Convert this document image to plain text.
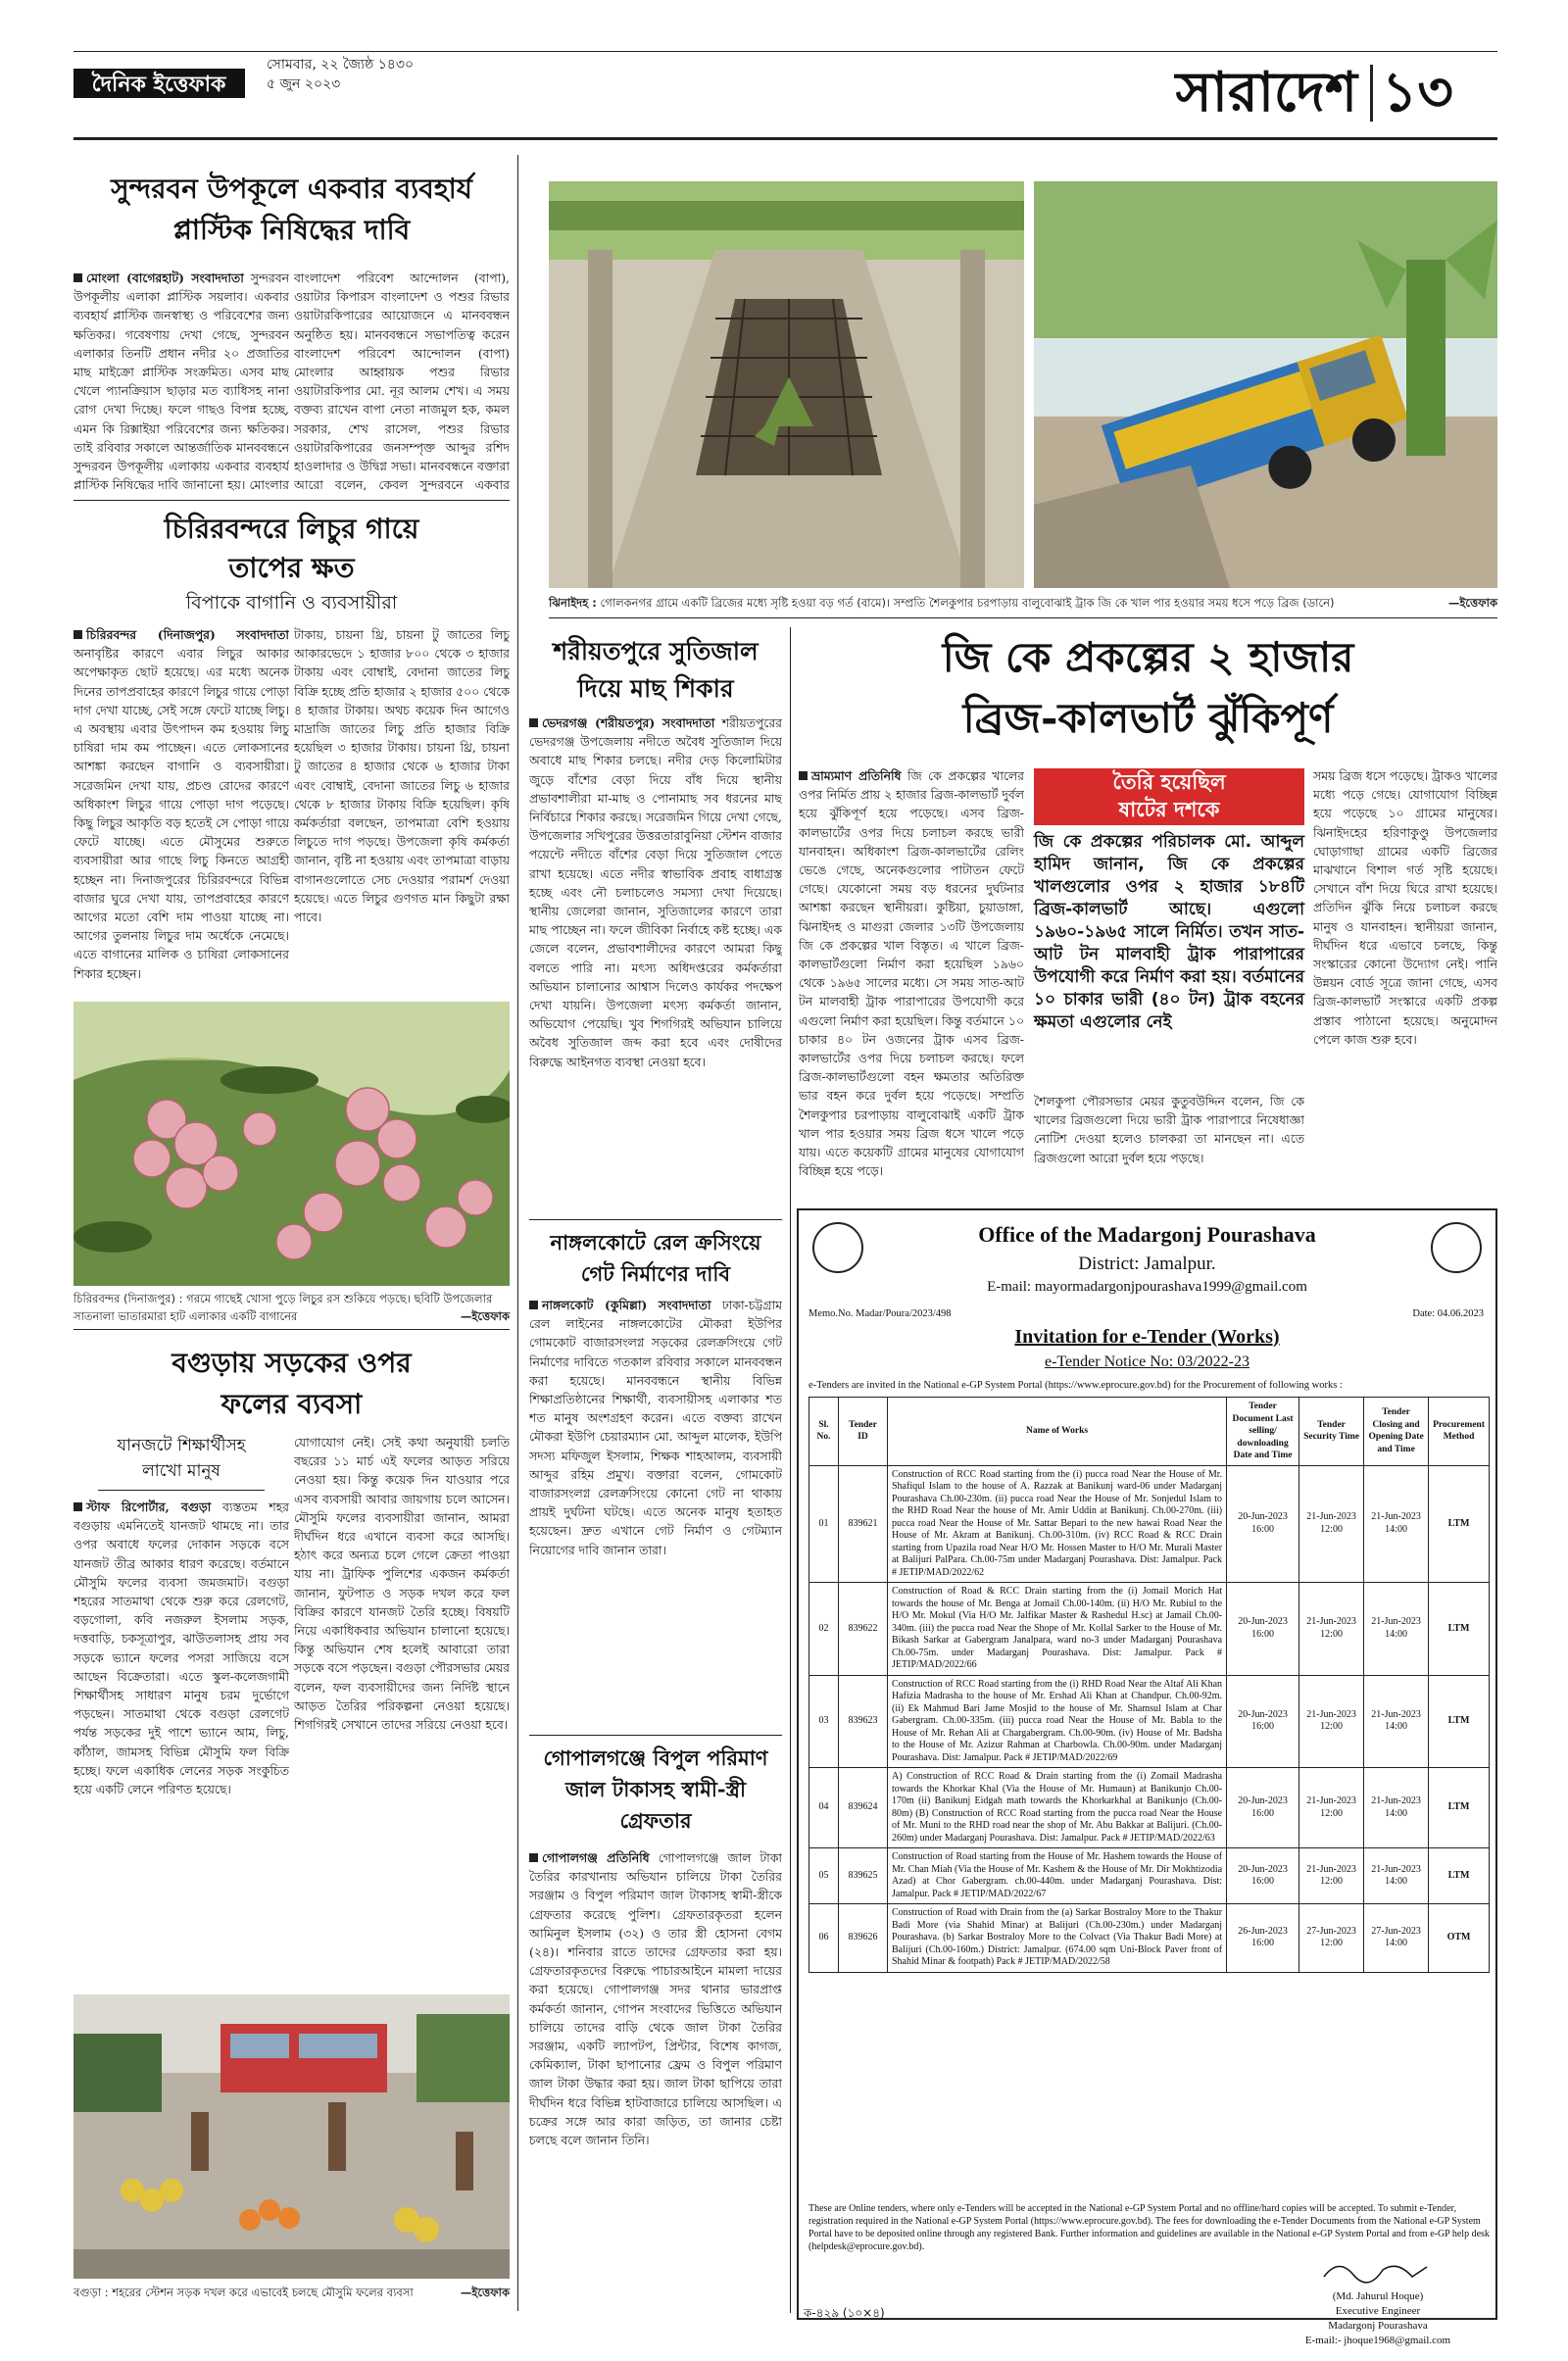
দৈনিক ইত্তেফাক
সোমবার, ২২ জ্যৈষ্ঠ ১৪৩০
৫ জুন ২০২৩	সারাদেশ ১৩
সুন্দরবন উপকূলে একবার ব্যবহার্য
প্লাস্টিক নিষিদ্ধের দাবি
মোংলা (বাগেরহাট) সংবাদদাতা সুন্দরবন উপকূলীয় এলাকা প্লাস্টিক সয়লাব। একবার ব্যবহার্য প্লাস্টিক জনস্বাস্থ্য ও পরিবেশের জন্য ক্ষতিকর। গবেষণায় দেখা গেছে, সুন্দরবন এলাকার তিনটি প্রধান নদীর ২০ প্রজাতির মাছ মাইক্রো প্লাস্টিক সংক্রমিত। এসব মাছ খেলে প্যানক্রিয়াস ছাড়ার মত ব্যাধিসহ নানা রোগ দেখা দিচ্ছে। ফলে গাছও বিপন্ন হচ্ছে, এমন কি রিক্সাইয়া পরিবেশের জন্য ক্ষতিকর। তাই রবিবার সকালে আন্তর্জাতিক মানববন্ধনে সুন্দরবন উপকূলীয় এলাকায় একবার ব্যবহার্য প্লাস্টিক নিষিদ্ধের দাবি জানানো হয়। মোংলার
বাংলাদেশ পরিবেশ আন্দোলন (বাপা), ওয়াটার কিপারস বাংলাদেশ ও পশুর রিভার ওয়াটারকিপারের আয়োজনে এ মানববন্ধন অনুষ্ঠিত হয়। মানববন্ধনে সভাপতিত্ব করেন বাংলাদেশ পরিবেশ আন্দোলন (বাপা) মোংলার আহ্বায়ক পশুর রিভার ওয়াটারকিপার মো. নূর আলম শেখ। এ সময় বক্তব্য রাখেন বাপা নেতা নাজমুল হক, কমল সরকার, শেখ রাসেল, পশুর রিভার ওয়াটারকিপারের জনসম্পৃক্ত আব্দুর রশিদ হাওলাদার ও উদ্বিগ্ন সভা। মানববন্ধনে বক্তারা আরো বলেন, কেবল সুন্দরবনে একবার
চিরিরবন্দরে লিচুর গায়ে
তাপের ক্ষত
বিপাকে বাগানি ও ব্যবসায়ীরা
চিরিরবন্দর (দিনাজপুর) সংবাদদাতা অনাবৃষ্টির কারণে এবার লিচুর আকার অপেক্ষাকৃত ছোট হয়েছে। এর মধ্যে অনেক দিনের তাপপ্রবাহের কারণে লিচুর গায়ে পোড়া দাগ দেখা যাচ্ছে, সেই সঙ্গে ফেটে যাচ্ছে লিচু। এ অবস্থায় এবার উৎপাদন কম হওয়ায় লিচু চাষিরা দাম কম পাচ্ছেন। এতে লোকসানের আশঙ্কা করছেন বাগানি ও ব্যবসায়ীরা। সরেজমিন দেখা যায়, প্রচণ্ড রোদের কারণে অধিকাংশ লিচুর গায়ে পোড়া দাগ পড়েছে। কিছু লিচুর আকৃতি বড় হতেই সে পোড়া গায়ে ফেটে যাচ্ছে। এতে মৌসুমের শুরুতে ব্যবসায়ীরা আর গাছে লিচু কিনতে আগ্রহী হচ্ছেন না। দিনাজপুরের চিরিরবন্দরে বিভিন্ন বাজার ঘুরে দেখা যায়, তাপপ্রবাহের কারণে আগের মতো বেশি দাম পাওয়া যাচ্ছে না। আগের তুলনায় লিচুর দাম অর্ধেকে নেমেছে। এতে বাগানের মালিক ও চাষিরা লোকসানের শিকার হচ্ছেন।
টাকায়, চায়না থ্রি, চায়না টু জাতের লিচু আকারভেদে ১ হাজার ৮০০ থেকে ৩ হাজার টাকায় এবং বোম্বাই, বেদানা জাতের লিচু বিক্রি হচ্ছে প্রতি হাজার ২ হাজার ৫০০ থেকে ৪ হাজার টাকায়। অথচ কয়েক দিন আগেও মাদ্রাজি জাতের লিচু প্রতি হাজার বিক্রি হয়েছিল ৩ হাজার টাকায়। চায়না থ্রি, চায়না টু জাতের ৪ হাজার থেকে ৬ হাজার টাকা এবং বোম্বাই, বেদানা জাতের লিচু ৬ হাজার থেকে ৮ হাজার টাকায় বিক্রি হয়েছিল। কৃষি কর্মকর্তারা বলছেন, তাপমাত্রা বেশি হওয়ায় লিচুতে দাগ পড়ছে। উপজেলা কৃষি কর্মকর্তা জানান, বৃষ্টি না হওয়ায় এবং তাপমাত্রা বাড়ায় বাগানগুলোতে সেচ দেওয়ার পরামর্শ দেওয়া হয়েছে। এতে লিচুর গুণগত মান কিছুটা রক্ষা পাবে।
চিরিরবন্দর (দিনাজপুর) : গরমে গাছেই খোসা পুড়ে লিচুর রস শুকিয়ে পড়ছে। ছবিটি উপজেলার সাতনালা ভাতারমারা হাট এলাকার একটি বাগানের	—ইত্তেফাক
বগুড়ায় সড়কের ওপর
ফলের ব্যবসা
যানজটে শিক্ষার্থীসহ
লাখো মানুষ
স্টাফ রিপোর্টার, বগুড়া ব্যস্ততম শহর বগুড়ায় এমনিতেই যানজট থামছে না। তার ওপর অবাধে ফলের দোকান সড়কে বসে যানজট তীব্র আকার ধারণ করেছে। বর্তমানে মৌসুমি ফলের ব্যবসা জমজমাট। বগুড়া শহরের সাতমাথা থেকে শুরু করে রেলগেট, বড়গোলা, কবি নজরুল ইসলাম সড়ক, দত্তবাড়ি, চকসূত্রাপুর, ঝাউতলাসহ প্রায় সব সড়কে ভ্যানে ফলের পসরা সাজিয়ে বসে আছেন বিক্রেতারা। এতে স্কুল-কলেজগামী শিক্ষার্থীসহ সাধারণ মানুষ চরম দুর্ভোগে পড়ছেন। সাতমাথা থেকে বগুড়া রেলগেট পর্যন্ত সড়কের দুই পাশে ভ্যানে আম, লিচু, কাঁঠাল, জামসহ বিভিন্ন মৌসুমি ফল বিক্রি হচ্ছে। ফলে একাধিক লেনের সড়ক সংকুচিত হয়ে একটি লেনে পরিণত হয়েছে।
যোগাযোগ নেই। সেই কথা অনুযায়ী চলতি বছরের ১১ মার্চ এই ফলের আড়ত সরিয়ে নেওয়া হয়। কিন্তু কয়েক দিন যাওয়ার পরে এসব ব্যবসায়ী আবার জায়গায় চলে আসেন। মৌসুমি ফলের ব্যবসায়ীরা জানান, আমরা দীর্ঘদিন ধরে এখানে ব্যবসা করে আসছি। হঠাৎ করে অন্যত্র চলে গেলে ক্রেতা পাওয়া যায় না। ট্রাফিক পুলিশের একজন কর্মকর্তা জানান, ফুটপাত ও সড়ক দখল করে ফল বিক্রির কারণে যানজট তৈরি হচ্ছে। বিষয়টি নিয়ে একাধিকবার অভিযান চালানো হয়েছে। কিন্তু অভিযান শেষ হলেই আবারো তারা সড়কে বসে পড়ছেন। বগুড়া পৌরসভার মেয়র বলেন, ফল ব্যবসায়ীদের জন্য নির্দিষ্ট স্থানে আড়ত তৈরির পরিকল্পনা নেওয়া হয়েছে। শিগগিরই সেখানে তাদের সরিয়ে নেওয়া হবে।
বগুড়া : শহরের স্টেশন সড়ক দখল করে এভাবেই চলছে মৌসুমি ফলের ব্যবসা	—ইত্তেফাক
ঝিনাইদহ : গোলকনগর গ্রামে একটি ব্রিজের মধ্যে সৃষ্টি হওয়া বড় গর্ত (বামে)। সম্প্রতি শৈলকুপার চরপাড়ায় বালুবোঝাই ট্রাক জি কে খাল পার হওয়ার সময় ধসে পড়ে ব্রিজ (ডানে)	—ইত্তেফাক
শরীয়তপুরে সুতিজাল
দিয়ে মাছ শিকার
ভেদরগঞ্জ (শরীয়তপুর) সংবাদদাতা শরীয়তপুরের ভেদরগঞ্জ উপজেলায় নদীতে অবৈধ সুতিজাল দিয়ে অবাধে মাছ শিকার চলছে। নদীর দেড় কিলোমিটার জুড়ে বাঁশের বেড়া দিয়ে বাঁধ দিয়ে স্থানীয় প্রভাবশালীরা মা-মাছ ও পোনামাছ সব ধরনের মাছ নির্বিচারে শিকার করছে। সরেজমিন গিয়ে দেখা গেছে, উপজেলার সখিপুরের উত্তরতারাবুনিয়া স্টেশন বাজার পয়েন্টে নদীতে বাঁশের বেড়া দিয়ে সুতিজাল পেতে রাখা হয়েছে। এতে নদীর স্বাভাবিক প্রবাহ বাধাগ্রস্ত হচ্ছে এবং নৌ চলাচলেও সমস্যা দেখা দিয়েছে। স্থানীয় জেলেরা জানান, সুতিজালের কারণে তারা মাছ পাচ্ছেন না। ফলে জীবিকা নির্বাহে কষ্ট হচ্ছে। এক জেলে বলেন, প্রভাবশালীদের কারণে আমরা কিছু বলতে পারি না। মৎস্য অধিদপ্তরের কর্মকর্তারা অভিযান চালানোর আশ্বাস দিলেও কার্যকর পদক্ষেপ দেখা যায়নি। উপজেলা মৎস্য কর্মকর্তা জানান, অভিযোগ পেয়েছি। খুব শিগগিরই অভিযান চালিয়ে অবৈধ সুতিজাল জব্দ করা হবে এবং দোষীদের বিরুদ্ধে আইনগত ব্যবস্থা নেওয়া হবে।
নাঙ্গলকোটে রেল ক্রসিংয়ে
গেট নির্মাণের দাবি
নাঙ্গলকোট (কুমিল্লা) সংবাদদাতা ঢাকা-চট্টগ্রাম রেল লাইনের নাঙ্গলকোটের মৌকরা ইউপির গোমকোট বাজারসংলগ্ন সড়কের রেলক্রসিংয়ে গেট নির্মাণের দাবিতে গতকাল রবিবার সকালে মানববন্ধন করা হয়েছে। মানববন্ধনে স্থানীয় বিভিন্ন শিক্ষাপ্রতিষ্ঠানের শিক্ষার্থী, ব্যবসায়ীসহ এলাকার শত শত মানুষ অংশগ্রহণ করেন। এতে বক্তব্য রাখেন মৌকরা ইউপি চেয়ারম্যান মো. আব্দুল মালেক, ইউপি সদস্য মফিজুল ইসলাম, শিক্ষক শাহআলম, ব্যবসায়ী আব্দুর রহিম প্রমুখ। বক্তারা বলেন, গোমকোট বাজারসংলগ্ন রেলক্রসিংয়ে কোনো গেট না থাকায় প্রায়ই দুর্ঘটনা ঘটছে। এতে অনেক মানুষ হতাহত হয়েছেন। দ্রুত এখানে গেট নির্মাণ ও গেটম্যান নিয়োগের দাবি জানান তারা।
গোপালগঞ্জে বিপুল পরিমাণ
জাল টাকাসহ স্বামী-স্ত্রী
গ্রেফতার
গোপালগঞ্জ প্রতিনিধি গোপালগঞ্জে জাল টাকা তৈরির কারখানায় অভিযান চালিয়ে টাকা তৈরির সরঞ্জাম ও বিপুল পরিমাণ জাল টাকাসহ স্বামী-স্ত্রীকে গ্রেফতার করেছে পুলিশ। গ্রেফতারকৃতরা হলেন আমিনুল ইসলাম (৩২) ও তার স্ত্রী হোসনা বেগম (২৪)। শনিবার রাতে তাদের গ্রেফতার করা হয়। গ্রেফতারকৃতদের বিরুদ্ধে পাচারআইনে মামলা দায়ের করা হয়েছে। গোপালগঞ্জ সদর থানার ভারপ্রাপ্ত কর্মকর্তা জানান, গোপন সংবাদের ভিত্তিতে অভিযান চালিয়ে তাদের বাড়ি থেকে জাল টাকা তৈরির সরঞ্জাম, একটি ল্যাপটপ, প্রিন্টার, বিশেষ কাগজ, কেমিক্যাল, টাকা ছাপানোর ফ্রেম ও বিপুল পরিমাণ জাল টাকা উদ্ধার করা হয়। জাল টাকা ছাপিয়ে তারা দীর্ঘদিন ধরে বিভিন্ন হাটবাজারে চালিয়ে আসছিল। এ চক্রের সঙ্গে আর কারা জড়িত, তা জানার চেষ্টা চলছে বলে জানান তিনি।
জি কে প্রকল্পের ২ হাজার
ব্রিজ-কালভার্ট ঝুঁকিপূর্ণ
ভ্রাম্যমাণ প্রতিনিধি জি কে প্রকল্পের খালের ওপর নির্মিত প্রায় ২ হাজার ব্রিজ-কালভার্ট দুর্বল হয়ে ঝুঁকিপূর্ণ হয়ে পড়েছে। এসব ব্রিজ-কালভার্টের ওপর দিয়ে চলাচল করছে ভারী যানবাহন। অধিকাংশ ব্রিজ-কালভার্টের রেলিং ভেঙে গেছে, অনেকগুলোর পাটাতন ফেটে গেছে। যেকোনো সময় বড় ধরনের দুর্ঘটনার আশঙ্কা করছেন স্থানীয়রা। কুষ্টিয়া, চুয়াডাঙ্গা, ঝিনাইদহ ও মাগুরা জেলার ১৩টি উপজেলায় জি কে প্রকল্পের খাল বিস্তৃত। এ খালে ব্রিজ-কালভার্টগুলো নির্মাণ করা হয়েছিল ১৯৬০ থেকে ১৯৬৫ সালের মধ্যে। সে সময় সাত-আট টন মালবাহী ট্রাক পারাপারের উপযোগী করে এগুলো নির্মাণ করা হয়েছিল। কিন্তু বর্তমানে ১০ চাকার ৪০ টন ওজনের ট্রাক এসব ব্রিজ-কালভার্টের ওপর দিয়ে চলাচল করছে। ফলে ব্রিজ-কালভার্টগুলো বহন ক্ষমতার অতিরিক্ত ভার বহন করে দুর্বল হয়ে পড়েছে। সম্প্রতি শৈলকুপার চরপাড়ায় বালুবোঝাই একটি ট্রাক খাল পার হওয়ার সময় ব্রিজ ধসে খালে পড়ে যায়। এতে কয়েকটি গ্রামের মানুষের যোগাযোগ বিচ্ছিন্ন হয়ে পড়ে।
তৈরি হয়েছিল
ষাটের দশকে
জি কে প্রকল্পের পরিচালক মো. আব্দুল হামিদ জানান, জি কে প্রকল্পের খালগুলোর ওপর ২ হাজার ১৮৪টি ব্রিজ-কালভার্ট আছে। এগুলো ১৯৬০-১৯৬৫ সালে নির্মিত। তখন সাত-আট টন মালবাহী ট্রাক পারাপারের উপযোগী করে নির্মাণ করা হয়। বর্তমানের ১০ চাকার ভারী (৪০ টন) ট্রাক বহনের ক্ষমতা এগুলোর নেই
শৈলকুপা পৌরসভার মেয়র কুতুবউদ্দিন বলেন, জি কে খালের ব্রিজগুলো দিয়ে ভারী ট্রাক পারাপারে নিষেধাজ্ঞা নোটিশ দেওয়া হলেও চালকরা তা মানছেন না। এতে ব্রিজগুলো আরো দুর্বল হয়ে পড়ছে।
সময় ব্রিজ ধসে পড়েছে। ট্রাকও খালের মধ্যে পড়ে গেছে। যোগাযোগ বিচ্ছিন্ন হয়ে পড়েছে ১০ গ্রামের মানুষের। ঝিনাইদহের হরিণাকুণ্ডু উপজেলার ঘোড়াগাছা গ্রামের একটি ব্রিজের মাঝখানে বিশাল গর্ত সৃষ্টি হয়েছে। সেখানে বাঁশ দিয়ে ঘিরে রাখা হয়েছে। প্রতিদিন ঝুঁকি নিয়ে চলাচল করছে মানুষ ও যানবাহন। স্থানীয়রা জানান, দীর্ঘদিন ধরে এভাবে চলছে, কিন্তু সংস্কারের কোনো উদ্যোগ নেই। পানি উন্নয়ন বোর্ড সূত্রে জানা গেছে, এসব ব্রিজ-কালভার্ট সংস্কারে একটি প্রকল্প প্রস্তাব পাঠানো হয়েছে। অনুমোদন পেলে কাজ শুরু হবে।
Office of the Madargonj Pourashava
District: Jamalpur.
E-mail: mayormadargonjpourashava1999@gmail.com
Memo.No. Madar/Poura/2023/498	Date: 04.06.2023
Invitation for e-Tender (Works)
e-Tender Notice No: 03/2022-23
e-Tenders are invited in the National e-GP System Portal (https://www.eprocure.gov.bd) for the Procurement of following works :
Sl. No.	Tender ID	Name of Works	Tender Document Last selling/ downloading Date and Time	Tender Security Time	Tender Closing and Opening Date and Time	Procurement Method
01	839621	Construction of RCC Road starting from the (i) pucca road Near the House of Mr. Shafiqul Islam to the house of A. Razzak at Banikunj ward-06 under Madarganj Pourashava Ch.00-230m. (ii) pucca road Near the House of Mr. Sonjedul Islam to the RHD Road Near the house of Mr. Amir Uddin at Banikunj. Ch.00-270m. (iii) pucca road Near the House of Mr. Sattar Bepari to the new hawai Road Near the House of Mr. Akram at Banikunj. Ch.00-310m. (iv) RCC Road & RCC Drain starting from Upazila road Near H/O Mr. Hossen Master to H/O Mr. Murali Master at Balijuri PalPara. Ch.00-75m under Madarganj Pourashava. Dist: Jamalpur. Pack # JETIP/MAD/2022/62	20-Jun-2023 16:00	21-Jun-2023 12:00	21-Jun-2023 14:00	LTM
02	839622	Construction of Road & RCC Drain starting from the (i) Jomail Morich Hat towards the house of Mr. Benga at Jomail Ch.00-140m. (ii) H/O Mr. Rubiul to the H/O Mr. Mokul (Via H/O Mr. Jalfikar Master & Rashedul H.sc) at Jamail Ch.00-340m. (iii) the pucca road Near the Shope of Mr. Kollal Sarker to the House of Mr. Bikash Sarkar at Gabergram Janalpara, ward no-3 under Madarganj Pourashava Ch.00-75m. under Madarganj Pourashava. Dist: Jamalpur. Pack # JETIP/MAD/2022/66	20-Jun-2023 16:00	21-Jun-2023 12:00	21-Jun-2023 14:00	LTM
03	839623	Construction of RCC Road starting from the (i) RHD Road Near the Altaf Ali Khan Hafizia Madrasha to the house of Mr. Ershad Ali Khan at Chandpur. Ch.00-92m. (ii) Ek Mahmud Bari Jame Mosjid to the house of Mr. Shamsul Islam at Char Gabergram. Ch.00-335m. (iii) pucca road Near the House of Mr. Babla to the House of Mr. Rehan Ali at Chargabergram. Ch.00-90m. (iv) House of Mr. Badsha to the House of Mr. Azizur Rahman at Charbowla. Ch.00-90m. under Madarganj Pourashava. Dist: Jamalpur. Pack # JETIP/MAD/2022/69	20-Jun-2023 16:00	21-Jun-2023 12:00	21-Jun-2023 14:00	LTM
04	839624	A) Construction of RCC Road & Drain starting from the (i) Zomail Madrasha towards the Khorkar Khal (Via the House of Mr. Humaun) at Banikunjo Ch.00-170m (ii) Banikunj Eidgah math towards the Khorkarkhal at Banikunjo (Ch.00-80m) (B) Construction of RCC Road starting from the pucca road Near the House of Mr. Muni to the RHD road near the shop of Mr. Abu Bakkar at Balijuri. (Ch.00-260m) under Madarganj Pourashava. Dist: Jamalpur. Pack # JETIP/MAD/2022/63	20-Jun-2023 16:00	21-Jun-2023 12:00	21-Jun-2023 14:00	LTM
05	839625	Construction of Road starting from the House of Mr. Hashem towards the House of Mr. Chan Miah (Via the House of Mr. Kashem & the House of Mr. Dir Mokhtizodia Azad) at Chor Gabergram. ch.00-440m. under Madarganj Pourashava. Dist: Jamalpur. Pack # JETIP/MAD/2022/67	20-Jun-2023 16:00	21-Jun-2023 12:00	21-Jun-2023 14:00	LTM
06	839626	Construction of Road with Drain from the (a) Sarkar Bostraloy More to the Thakur Badi More (via Shahid Minar) at Balijuri (Ch.00-230m.) under Madarganj Pourashava. (b) Sarkar Bostraloy More to the Colvact (Via Thakur Badi More) at Balijuri (Ch.00-160m.) District: Jamalpur. (674.00 sqm Uni-Block Paver front of Shahid Minar & footpath) Pack # JETIP/MAD/2022/58	26-Jun-2023 16:00	27-Jun-2023 12:00	27-Jun-2023 14:00	OTM
These are Online tenders, where only e-Tenders will be accepted in the National e-GP System Portal and no offline/hard copies will be accepted. To submit e-Tender, registration required in the National e-GP System Portal (https://www.eprocure.gov.bd). The fees for downloading the e-Tender Documents from the National e-GP System Portal have to be deposited online through any registered Bank. Further information and guidelines are available in the National e-GP System Portal and from e-GP help desk (helpdesk@eprocure.gov.bd).
(Md. Jahurul Hoque)
Executive Engineer
Madargonj Pourashava
E-mail:- jhoque1968@gmail.com
ক-৪২৯ (১০×৪)
